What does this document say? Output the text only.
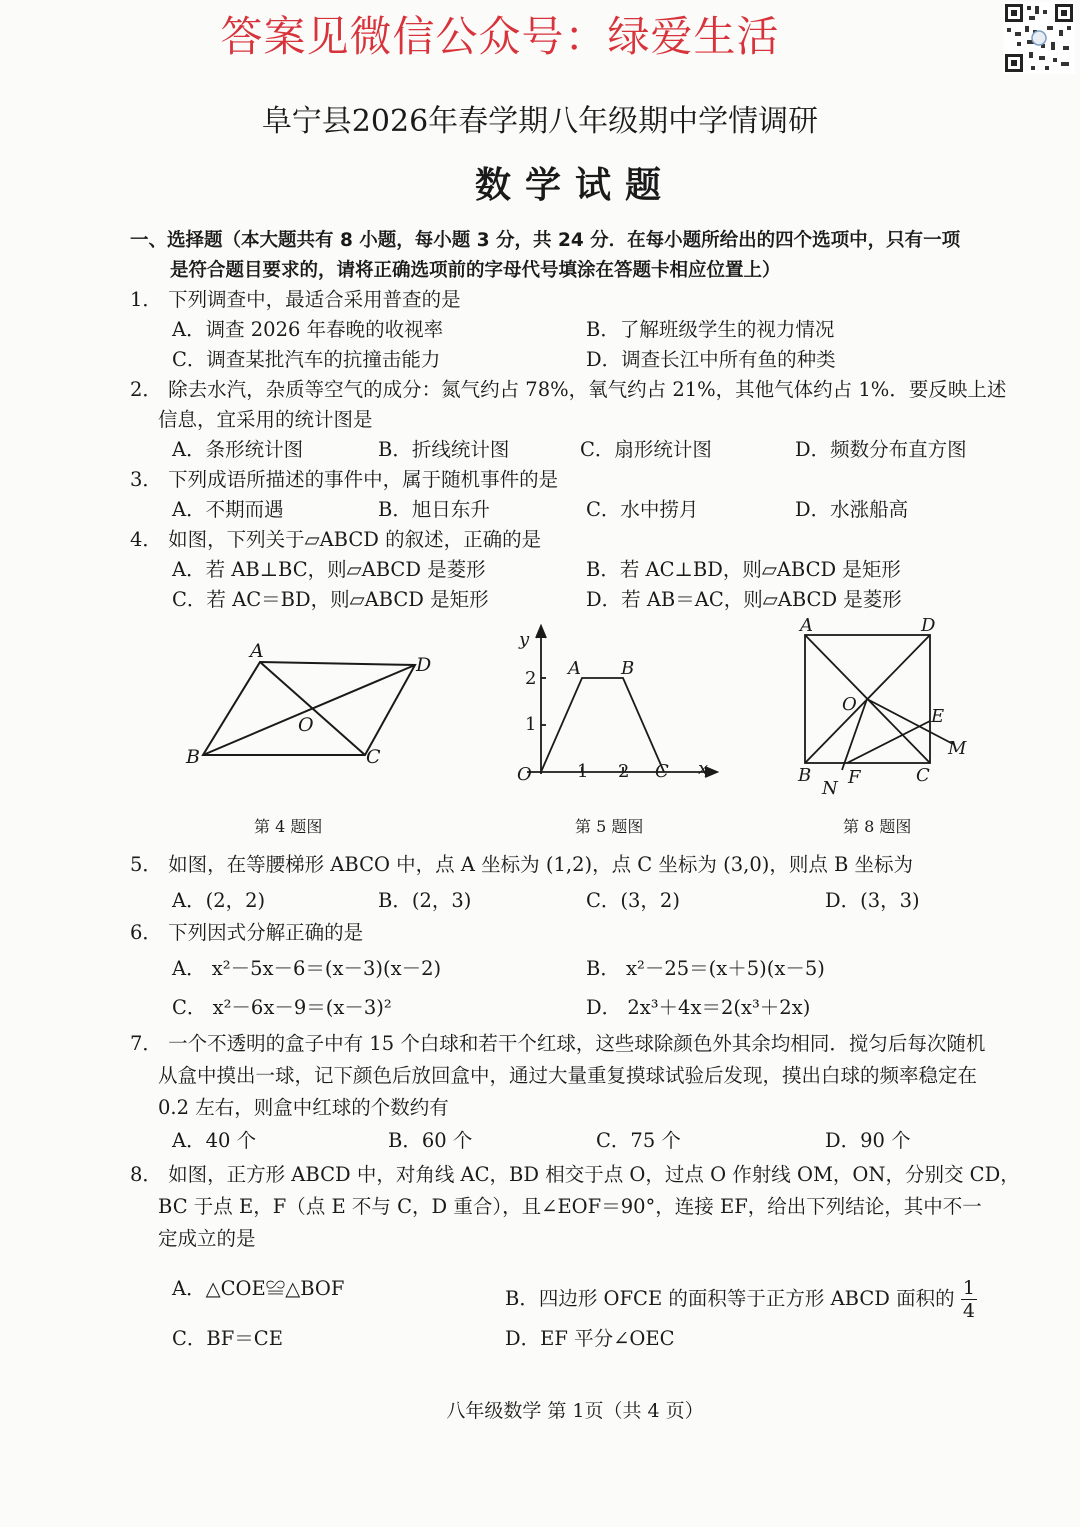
答案见微信公众号：绿爱生活
阜宁县2026年春学期八年级期中学情调研
数学试题
一、选择题（本大题共有 8 小题，每小题 3 分，共 24 分．在每小题所给出的四个选项中，只有一项
是符合题目要求的，请将正确选项前的字母代号填涂在答题卡相应位置上）
1． 下列调查中，最适合采用普查的是
A．调查 2026 年春晚的收视率	B．了解班级学生的视力情况
C．调查某批汽车的抗撞击能力	D．调查长江中所有鱼的种类
2． 除去水汽，杂质等空气的成分：氮气约占 78%，氧气约占 21%，其他气体约占 1%．要反映上述
信息，宜采用的统计图是
A．条形统计图	B．折线统计图	C．扇形统计图	D．频数分布直方图
3． 下列成语所描述的事件中，属于随机事件的是
A．不期而遇	B．旭日东升	C．水中捞月	D．水涨船高
4． 如图，下列关于▱ABCD 的叙述，正确的是
A．若 AB⊥BC，则▱ABCD 是菱形	B．若 AC⊥BD，则▱ABCD 是矩形
C．若 AC＝BD，则▱ABCD 是矩形	D．若 AB＝AC，则▱ABCD 是菱形
A
D
B	C
O
第 4 题图
y
x
O
A B
C
1 2
1
2
第 5 题图
A	D
O
E
M
B
N
F	C
第 8 题图
5． 如图，在等腰梯形 ABCO 中，点 A 坐标为 (1,2)，点 C 坐标为 (3,0)，则点 B 坐标为
A．(2，2)	B．(2，3)	C．(3，2)	D．(3，3)
6． 下列因式分解正确的是
A． x²－5x－6＝(x－3)(x－2)	B． x²－25＝(x＋5)(x－5)
C． x²－6x－9＝(x－3)²	D． 2x³＋4x＝2(x³＋2x)
7． 一个不透明的盒子中有 15 个白球和若干个红球，这些球除颜色外其余均相同．搅匀后每次随机
从盒中摸出一球，记下颜色后放回盒中，通过大量重复摸球试验后发现，摸出白球的频率稳定在
0.2 左右，则盒中红球的个数约有
A．40 个	B．60 个	C．75 个	D．90 个
8． 如图，正方形 ABCD 中，对角线 AC，BD 相交于点 O，过点 O 作射线 OM，ON，分别交 CD，
BC 于点 E，F（点 E 不与 C，D 重合），且∠EOF＝90°，连接 EF，给出下列结论，其中不一
定成立的是
A．△COE≌△BOF	B．四边形 OFCE 的面积等于正方形 ABCD 面积的 $\frac{1}{4}$
C．BF＝CE	D．EF 平分∠OEC
八年级数学 第 1页（共 4 页）
